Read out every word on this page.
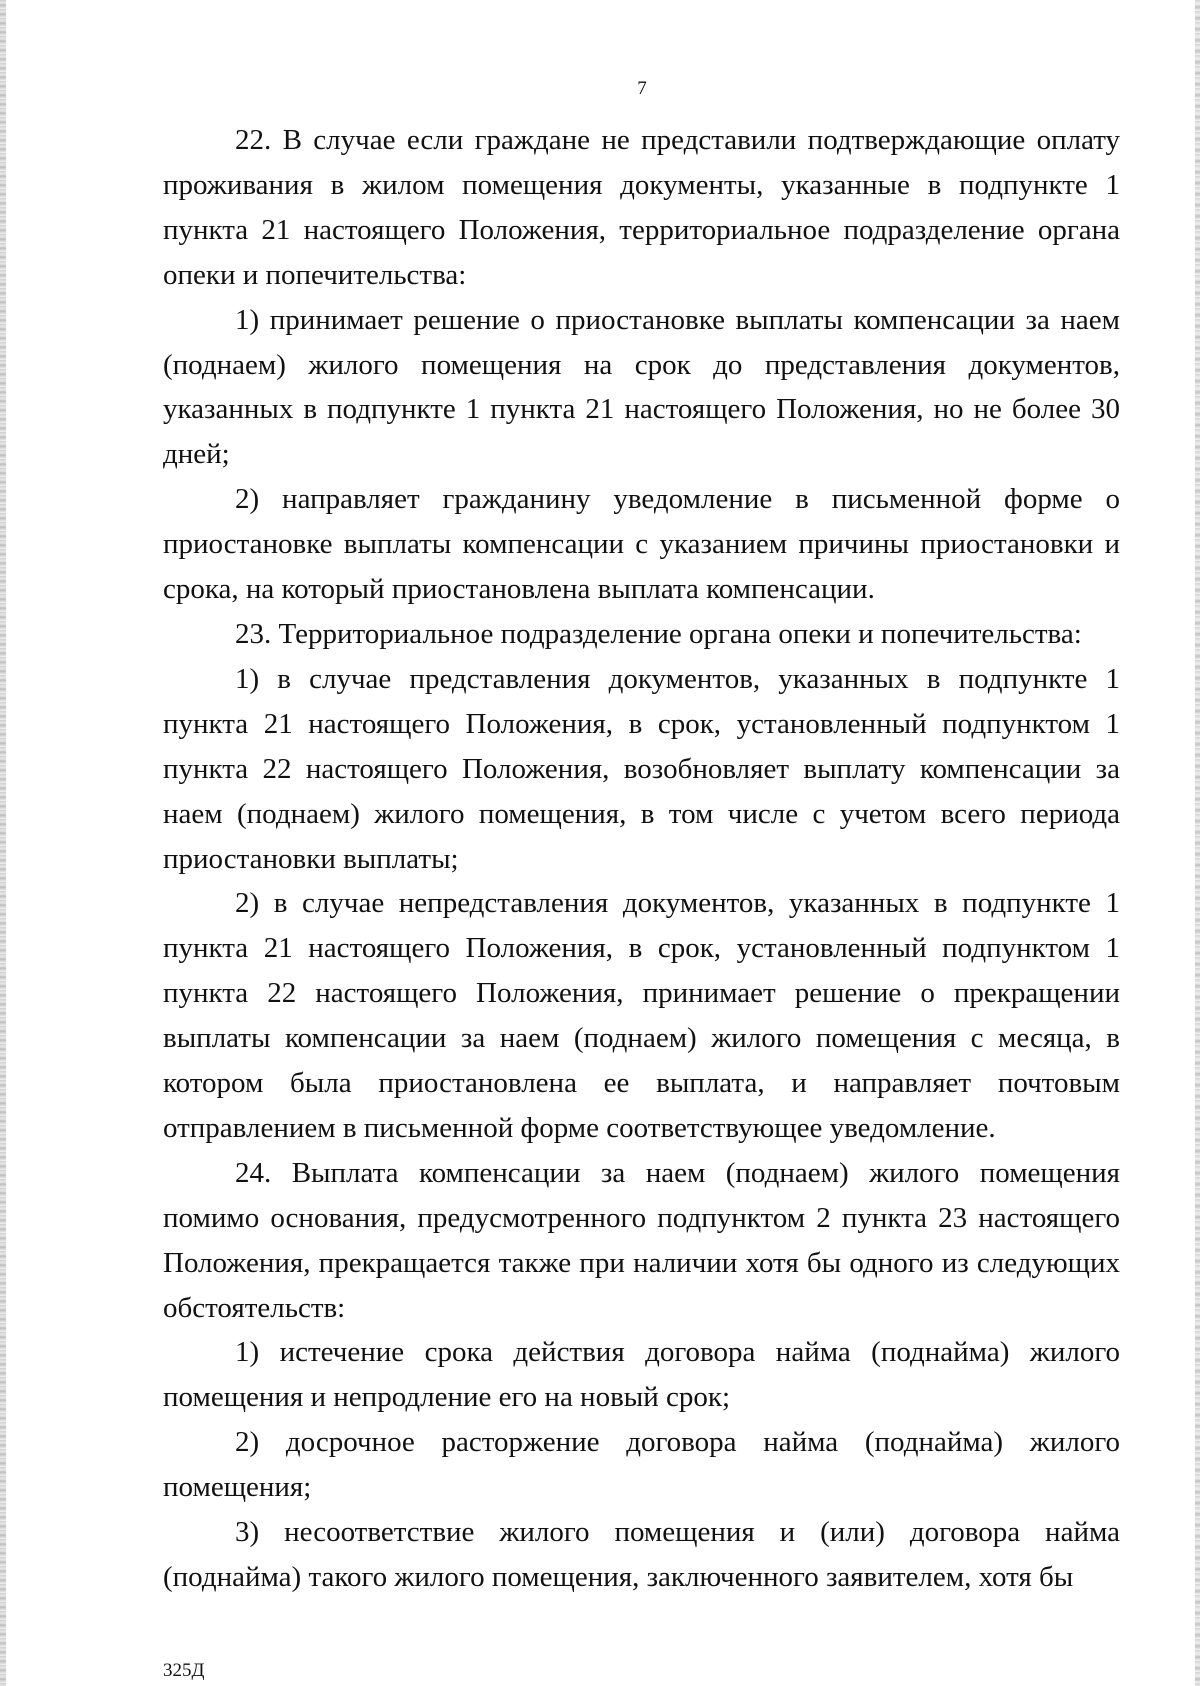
7

22. В случае если граждане не представили подтверждающие оплату проживания в жилом помещения документы, указанные в подпункте 1 пункта 21 настоящего Положения, территориальное подразделение органа опеки и попечительства:

1) принимает решение о приостановке выплаты компенсации за наем (поднаем) жилого помещения на срок до представления документов, указанных в подпункте 1 пункта 21 настоящего Положения, но не более 30 дней;

2) направляет гражданину уведомление в письменной форме о приостановке выплаты компенсации с указанием причины приостановки и срока, на который приостановлена выплата компенсации.

23. Территориальное подразделение органа опеки и попечительства:

1) в случае представления документов, указанных в подпункте 1 пункта 21 настоящего Положения, в срок, установленный подпунктом 1 пункта 22 настоящего Положения, возобновляет выплату компенсации за наем (поднаем) жилого помещения, в том числе с учетом всего периода приостановки выплаты;

2) в случае непредставления документов, указанных в подпункте 1 пункта 21 настоящего Положения, в срок, установленный подпунктом 1 пункта 22 настоящего Положения, принимает решение о прекращении выплаты компенсации за наем (поднаем) жилого помещения с месяца, в котором была приостановлена ее выплата, и направляет почтовым отправлением в письменной форме соответствующее уведомление.

24. Выплата компенсации за наем (поднаем) жилого помещения помимо основания, предусмотренного подпунктом 2 пункта 23 настоящего Положения, прекращается также при наличии хотя бы одного из следующих обстоятельств:

1) истечение срока действия договора найма (поднайма) жилого помещения и непродление его на новый срок;

2) досрочное расторжение договора найма (поднайма) жилого помещения;

3) несоответствие жилого помещения и (или) договора найма (поднайма) такого жилого помещения, заключенного заявителем, хотя бы

325Д
